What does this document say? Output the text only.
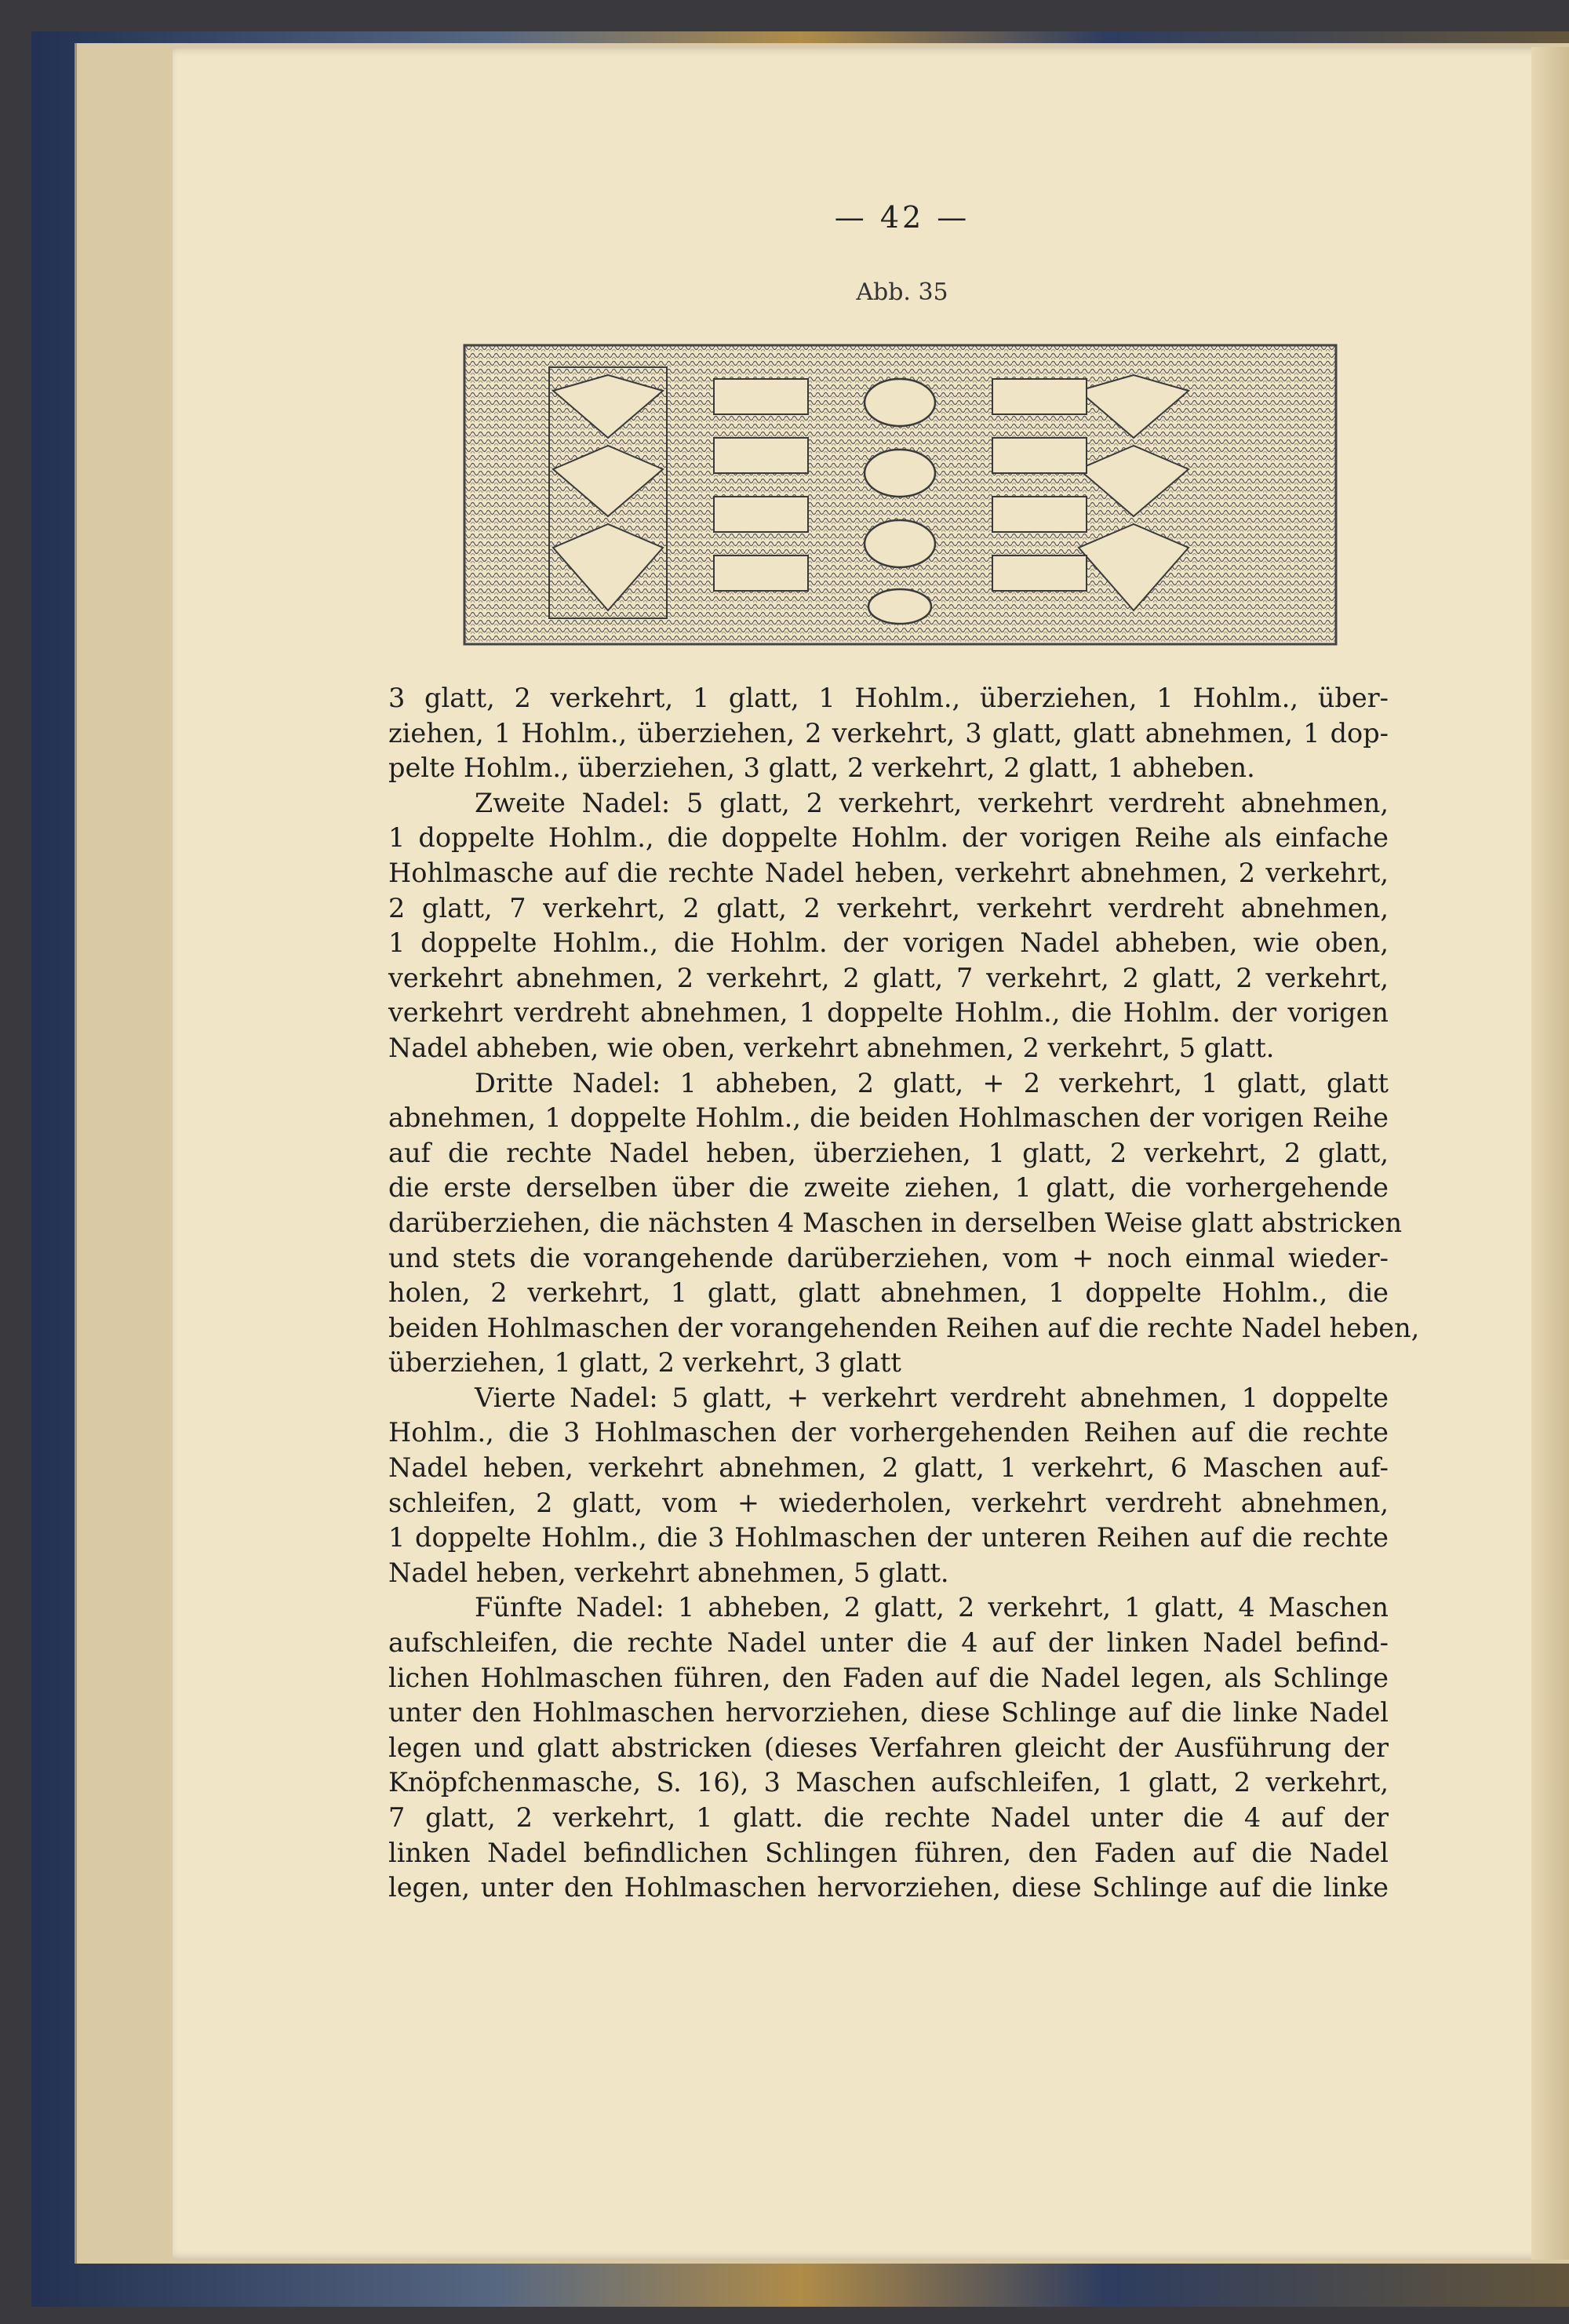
— 42 —
Abb. 35

3 glatt, 2 verkehrt, 1 glatt, 1 Hohlm., überziehen, 1 Hohlm., über-
ziehen, 1 Hohlm., überziehen, 2 verkehrt, 3 glatt, glatt abnehmen, 1 dop-
pelte Hohlm., überziehen, 3 glatt, 2 verkehrt, 2 glatt, 1 abheben.

Zweite Nadel: 5 glatt, 2 verkehrt, verkehrt verdreht abnehmen,
1 doppelte Hohlm., die doppelte Hohlm. der vorigen Reihe als einfache
Hohlmasche auf die rechte Nadel heben, verkehrt abnehmen, 2 verkehrt,
2 glatt, 7 verkehrt, 2 glatt, 2 verkehrt, verkehrt verdreht abnehmen,
1 doppelte Hohlm., die Hohlm. der vorigen Nadel abheben, wie oben,
verkehrt abnehmen, 2 verkehrt, 2 glatt, 7 verkehrt, 2 glatt, 2 verkehrt,
verkehrt verdreht abnehmen, 1 doppelte Hohlm., die Hohlm. der vorigen
Nadel abheben, wie oben, verkehrt abnehmen, 2 verkehrt, 5 glatt.

Dritte Nadel: 1 abheben, 2 glatt, + 2 verkehrt, 1 glatt, glatt
abnehmen, 1 doppelte Hohlm., die beiden Hohlmaschen der vorigen Reihe
auf die rechte Nadel heben, überziehen, 1 glatt, 2 verkehrt, 2 glatt,
die erste derselben über die zweite ziehen, 1 glatt, die vorhergehende
darüberziehen, die nächsten 4 Maschen in derselben Weise glatt abstricken
und stets die vorangehende darüberziehen, vom + noch einmal wieder-
holen, 2 verkehrt, 1 glatt, glatt abnehmen, 1 doppelte Hohlm., die
beiden Hohlmaschen der vorangehenden Reihen auf die rechte Nadel heben,
überziehen, 1 glatt, 2 verkehrt, 3 glatt

Vierte Nadel: 5 glatt, + verkehrt verdreht abnehmen, 1 doppelte
Hohlm., die 3 Hohlmaschen der vorhergehenden Reihen auf die rechte
Nadel heben, verkehrt abnehmen, 2 glatt, 1 verkehrt, 6 Maschen auf-
schleifen, 2 glatt, vom + wiederholen, verkehrt verdreht abnehmen,
1 doppelte Hohlm., die 3 Hohlmaschen der unteren Reihen auf die rechte
Nadel heben, verkehrt abnehmen, 5 glatt.

Fünfte Nadel: 1 abheben, 2 glatt, 2 verkehrt, 1 glatt, 4 Maschen
aufschleifen, die rechte Nadel unter die 4 auf der linken Nadel befind-
lichen Hohlmaschen führen, den Faden auf die Nadel legen, als Schlinge
unter den Hohlmaschen hervorziehen, diese Schlinge auf die linke Nadel
legen und glatt abstricken (dieses Verfahren gleicht der Ausführung der
Knöpfchenmasche, S. 16), 3 Maschen aufschleifen, 1 glatt, 2 verkehrt,
7 glatt, 2 verkehrt, 1 glatt. die rechte Nadel unter die 4 auf der
linken Nadel befindlichen Schlingen führen, den Faden auf die Nadel
legen, unter den Hohlmaschen hervorziehen, diese Schlinge auf die linke
